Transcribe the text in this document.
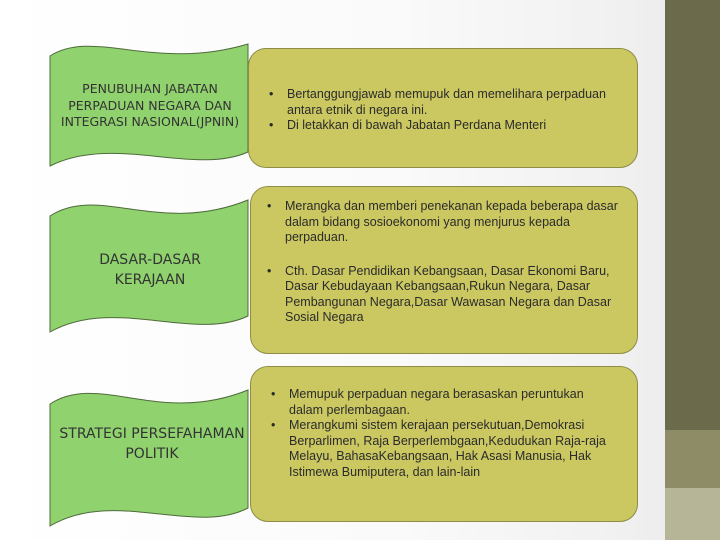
PENUBUHAN JABATAN PERPADUAN NEGARA DAN INTEGRASI NASIONAL(JPNIN)
• Bertanggungjawab memupuk dan memelihara perpaduan antara etnik di negara ini.
• Di letakkan di bawah Jabatan Perdana Menteri
DASAR-DASAR KERAJAAN
• Merangka dan memberi penekanan kepada beberapa dasar dalam bidang sosioekonomi yang menjurus kepada perpaduan.
• Cth. Dasar Pendidikan Kebangsaan, Dasar Ekonomi Baru, Dasar Kebudayaan Kebangsaan,Rukun Negara, Dasar Pembangunan Negara,Dasar Wawasan Negara dan Dasar Sosial Negara
STRATEGI PERSEFAHAMAN POLITIK
• Memupuk perpaduan negara berasaskan peruntukan dalam perlembagaan.
• Merangkumi sistem kerajaan persekutuan,Demokrasi Berparlimen, Raja Berperlembgaan,Kedudukan Raja-raja Melayu, BahasaKebangsaan, Hak Asasi Manusia, Hak Istimewa Bumiputera, dan lain-lain
